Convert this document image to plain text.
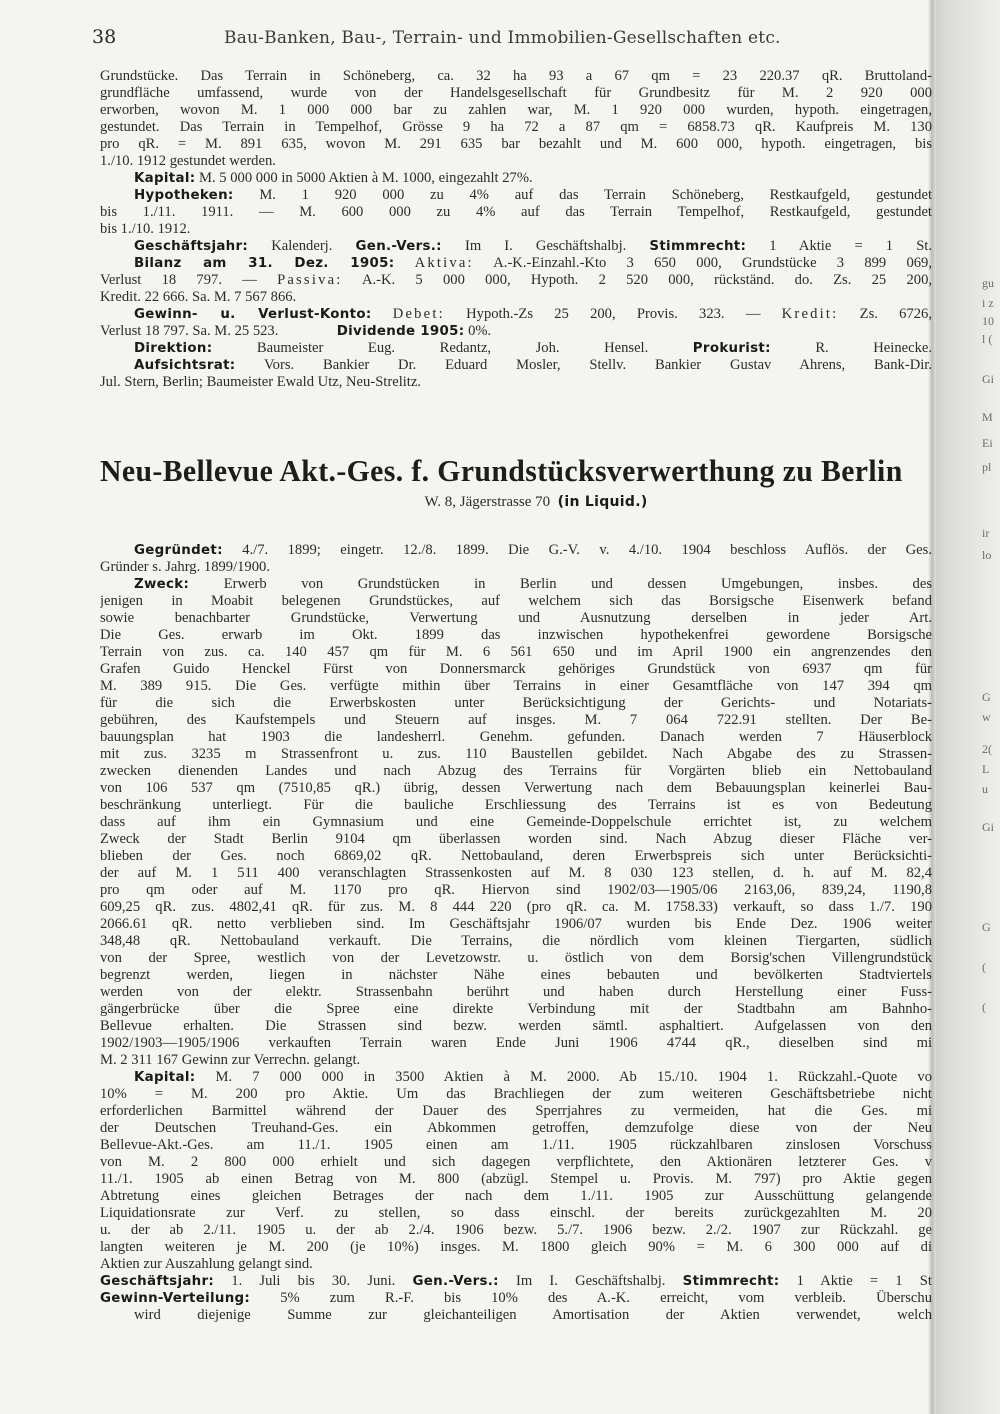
gu
i z
10
l (
Gi
M
Ei
pl
ir
lo
G
w
2(
L
u
Gi
G
(
(
38	Bau-Banken, Bau-, Terrain- und Immobilien-Gesellschaften etc.
Grundstücke. Das Terrain in Schöneberg, ca. 32 ha 93 a 67 qm = 23 220.37 qR. Bruttoland-
grundfläche umfassend, wurde von der Handelsgesellschaft für Grundbesitz für M. 2 920 000
erworben, wovon M. 1 000 000 bar zu zahlen war, M. 1 920 000 wurden, hypoth. eingetragen,
gestundet. Das Terrain in Tempelhof, Grösse 9 ha 72 a 87 qm = 6858.73 qR. Kaufpreis M. 130
pro qR. = M. 891 635, wovon M. 291 635 bar bezahlt und M. 600 000, hypoth. eingetragen, bis
1./10. 1912 gestundet werden.
Kapital: M. 5 000 000 in 5000 Aktien à M. 1000, eingezahlt 27%.
Hypotheken: M. 1 920 000 zu 4% auf das Terrain Schöneberg, Restkaufgeld, gestundet
bis 1./11. 1911. — M. 600 000 zu 4% auf das Terrain Tempelhof, Restkaufgeld, gestundet
bis 1./10. 1912.
Geschäftsjahr: Kalenderj. Gen.-Vers.: Im I. Geschäftshalbj. Stimmrecht: 1 Aktie = 1 St.
Bilanz am 31. Dez. 1905: Aktiva: A.-K.-Einzahl.-Kto 3 650 000, Grundstücke 3 899 069,
Verlust 18 797. — Passiva: A.-K. 5 000 000, Hypoth. 2 520 000, rückständ. do. Zs. 25 200,
Kredit. 22 666. Sa. M. 7 567 866.
Gewinn- u. Verlust-Konto: Debet: Hypoth.-Zs 25 200, Provis. 323. — Kredit: Zs. 6726,
Verlust 18 797. Sa. M. 25 523.	Dividende 1905: 0%.
Direktion:	Baumeister Eug. Redantz, Joh. Hensel.	Prokurist:	R. Heinecke.
Aufsichtsrat: Vors. Bankier Dr. Eduard Mosler, Stellv. Bankier Gustav Ahrens, Bank-Dir.
Jul. Stern, Berlin; Baumeister Ewald Utz, Neu-Strelitz.
Neu-Bellevue Akt.-Ges. f. Grundstücksverwerthung zu Berlin
W. 8, Jägerstrasse 70 (in Liquid.)
Gegründet: 4./7. 1899; eingetr. 12./8. 1899. Die G.-V. v. 4./10. 1904 beschloss Auflös. der Ges.
Gründer s. Jahrg. 1899/1900.
Zweck: Erwerb von Grundstücken in Berlin und dessen Umgebungen, insbes. des
jenigen in Moabit belegenen Grundstückes, auf welchem sich das Borsigsche Eisenwerk befand
sowie benachbarter Grundstücke, Verwertung und Ausnutzung derselben in jeder Art.
Die Ges. erwarb im Okt. 1899 das inzwischen hypothekenfrei gewordene Borsigsche
Terrain von zus. ca. 140 457 qm für M. 6 561 650 und im April 1900 ein angrenzendes den
Grafen Guido Henckel Fürst von Donnersmarck gehöriges Grundstück von 6937 qm für
M. 389 915. Die Ges. verfügte mithin über Terrains in einer Gesamtfläche von 147 394 qm
für die sich die Erwerbskosten unter Berücksichtigung der Gerichts- und Notariats-
gebühren, des Kaufstempels und Steuern auf insges. M. 7 064 722.91 stellten. Der Be-
bauungsplan hat 1903 die landesherrl. Genehm. gefunden. Danach werden 7 Häuserblock
mit zus. 3235 m Strassenfront u. zus. 110 Baustellen gebildet. Nach Abgabe des zu Strassen-
zwecken dienenden Landes und nach Abzug des Terrains für Vorgärten blieb ein Nettobauland
von 106 537 qm (7510,85 qR.) übrig, dessen Verwertung nach dem Bebauungsplan keinerlei Bau-
beschränkung unterliegt. Für die bauliche Erschliessung des Terrains ist es von Bedeutung
dass auf ihm ein Gymnasium und eine Gemeinde-Doppelschule errichtet ist, zu welchem
Zweck der Stadt Berlin 9104 qm überlassen worden sind. Nach Abzug dieser Fläche ver-
blieben der Ges. noch 6869,02 qR. Nettobauland, deren Erwerbspreis sich unter Berücksichti-
der auf M. 1 511 400 veranschlagten Strassenkosten auf M. 8 030 123 stellen, d. h. auf M. 82,4
pro qm oder auf M. 1170 pro qR. Hiervon sind 1902/03—1905/06 2163,06, 839,24, 1190,8
609,25 qR. zus. 4802,41 qR. für zus. M. 8 444 220 (pro qR. ca. M. 1758.33) verkauft, so dass 1./7. 190
2066.61 qR. netto verblieben sind. Im Geschäftsjahr 1906/07 wurden bis Ende Dez. 1906 weiter
348,48 qR. Nettobauland verkauft. Die Terrains, die nördlich vom kleinen Tiergarten, südlich
von der Spree, westlich von der Levetzowstr. u. östlich von dem Borsig'schen Villengrundstück
begrenzt werden, liegen in nächster Nähe eines bebauten und bevölkerten Stadtviertels
werden von der elektr. Strassenbahn berührt und haben durch Herstellung einer Fuss-
gängerbrücke über die Spree eine direkte Verbindung mit der Stadtbahn am Bahnho-
Bellevue erhalten. Die Strassen sind bezw. werden sämtl. asphaltiert. Aufgelassen von den
1902/1903—1905/1906 verkauften Terrain waren Ende Juni 1906 4744 qR., dieselben sind mi
M. 2 311 167 Gewinn zur Verrechn. gelangt.
Kapital: M. 7 000 000 in 3500 Aktien à M. 2000. Ab 15./10. 1904 1. Rückzahl.-Quote vo
10% = M. 200 pro Aktie. Um das Brachliegen der zum weiteren Geschäftsbetriebe nicht
erforderlichen Barmittel während der Dauer des Sperrjahres zu vermeiden, hat die Ges. mi
der Deutschen Treuhand-Ges. ein Abkommen getroffen, demzufolge diese von der Neu
Bellevue-Akt.-Ges. am 11./1. 1905 einen am 1./11. 1905 rückzahlbaren zinslosen Vorschuss
von M. 2 800 000 erhielt und sich dagegen verpflichtete, den Aktionären letzterer Ges. v
11./1. 1905 ab einen Betrag von M. 800 (abzügl. Stempel u. Provis. M. 797) pro Aktie gegen
Abtretung eines gleichen Betrages der nach dem 1./11. 1905 zur Ausschüttung gelangende
Liquidationsrate zur Verf. zu stellen, so dass einschl. der bereits zurückgezahlten M. 20
u. der ab 2./11. 1905 u. der ab 2./4. 1906 bezw. 5./7. 1906 bezw. 2./2. 1907 zur Rückzahl. ge
langten weiteren je M. 200 (je 10%) insges. M. 1800 gleich 90% = M. 6 300 000 auf di
Aktien zur Auszahlung gelangt sind.
Geschäftsjahr: 1. Juli bis 30. Juni. Gen.-Vers.: Im I. Geschäftshalbj. Stimmrecht: 1 Aktie = 1 St
Gewinn-Verteilung: 5% zum R.-F. bis 10% des A.-K. erreicht, vom verbleib. Überschu
wird diejenige Summe zur gleichanteiligen Amortisation der Aktien verwendet, welch
